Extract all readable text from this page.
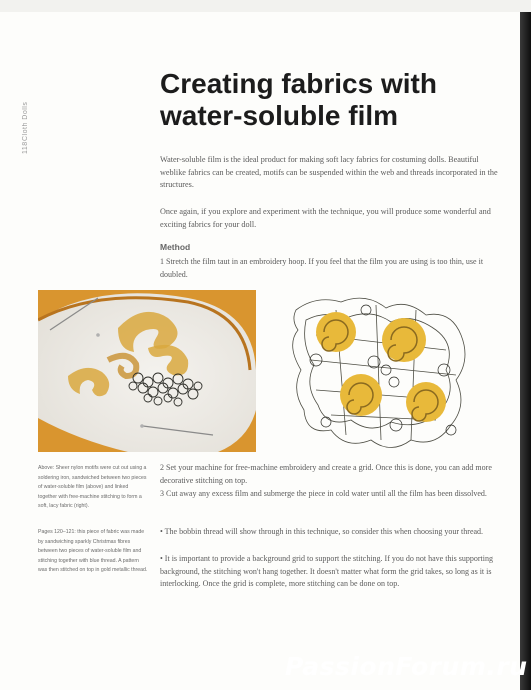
118Cloth Dolls
Creating fabrics with water-soluble film

Water-soluble film is the ideal product for making soft lacy fabrics for costuming dolls. Beautiful weblike fabrics can be created, motifs can be suspended within the web and threads incorporated in the structures.

Once again, if you explore and experiment with the technique, you will produce some wonderful and exciting fabrics for your doll.

Method

1 Stretch the film taut in an embroidery hoop. If you feel that the film you are using is too thin, use it doubled.

Above: Sheer nylon motifs were cut out using a soldering iron, sandwiched between two pieces of water-soluble film (above) and linked together with free-machine stitching to form a soft, lacy fabric (right).

Pages 120–121: this piece of fabric was made by sandwiching sparkly Christmas fibres between two pieces of water-soluble film and stitching together with blue thread. A pattern was then stitched on top in gold metallic thread.

2 Set your machine for free-machine embroidery and create a grid. Once this is done, you can add more decorative stitching on top.

3 Cut away any excess film and submerge the piece in cold water until all the film has been dissolved.

• The bobbin thread will show through in this technique, so consider this when choosing your thread.

• It is important to provide a background grid to support the stitching. If you do not have this supporting background, the stitching won't hang together. It doesn't matter what form the grid takes, so long as it is interlocking. Once the grid is complete, more stitching can be done on top.

PassionForum.ru
